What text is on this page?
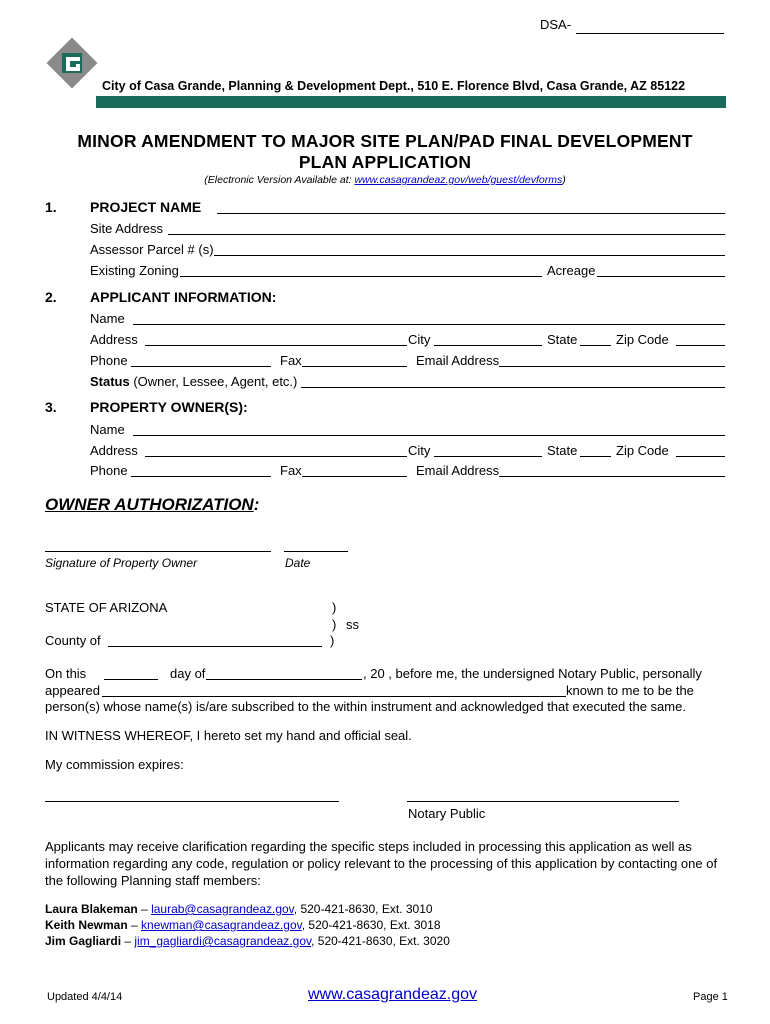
DSA-
City of Casa Grande, Planning & Development Dept., 510 E. Florence Blvd, Casa Grande, AZ 85122
MINOR AMENDMENT TO MAJOR SITE PLAN/PAD FINAL DEVELOPMENT
PLAN APPLICATION
(Electronic Version Available at: www.casagrandeaz.gov/web/guest/devforms)
1. PROJECT NAME
Site Address
Assessor Parcel # (s)
Existing Zoning	Acreage
2. APPLICANT INFORMATION:
Name
Address	City	State	Zip Code
Phone	Fax	Email Address
Status (Owner, Lessee, Agent, etc.)
3. PROPERTY OWNER(S):
Name
Address	City	State	Zip Code
Phone	Fax	Email Address
OWNER AUTHORIZATION:
Signature of Property Owner	Date
STATE OF ARIZONA	)
) ss
County of	)
On this	day of	, 20 , before me, the undersigned Notary Public, personally
appeared	known to me to be the
person(s) whose name(s) is/are subscribed to the within instrument and acknowledged that executed the same.
IN WITNESS WHEREOF, I hereto set my hand and official seal.
My commission expires:
Notary Public
Applicants may receive clarification regarding the specific steps included in processing this application as well as
information regarding any code, regulation or policy relevant to the processing of this application by contacting one of
the following Planning staff members:
Laura Blakeman – laurab@casagrandeaz.gov, 520-421-8630, Ext. 3010
Keith Newman – knewman@casagrandeaz.gov, 520-421-8630, Ext. 3018
Jim Gagliardi – jim_gagliardi@casagrandeaz.gov, 520-421-8630, Ext. 3020
Updated 4/4/14	www.casagrandeaz.gov	Page 1
